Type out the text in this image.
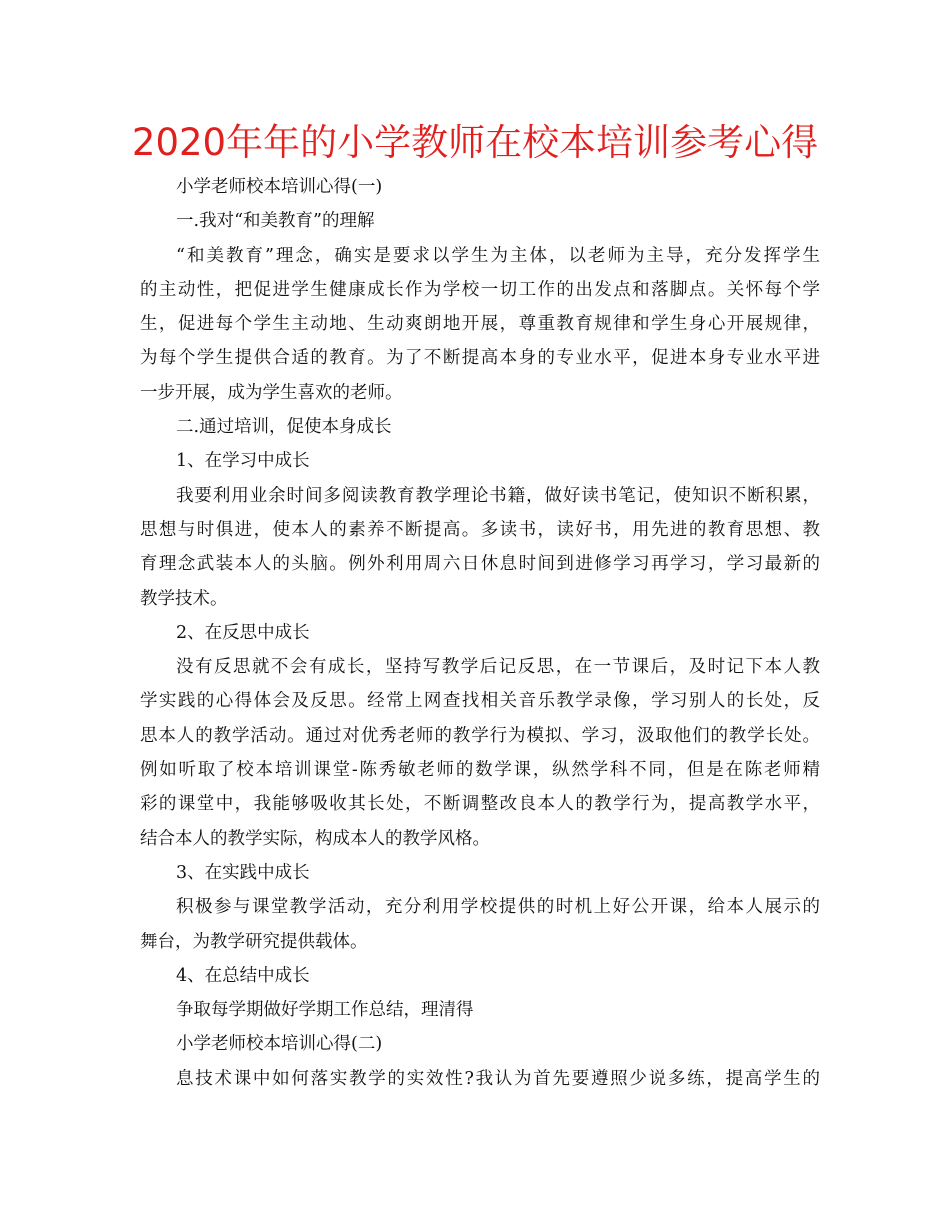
2020年年的小学教师在校本培训参考心得
小学老师校本培训心得(一)
一.我对“和美教育”的理解
“和美教育”理念，确实是要求以学生为主体，以老师为主导，充分发挥学生
的主动性，把促进学生健康成长作为学校一切工作的出发点和落脚点。关怀每个学
生，促进每个学生主动地、生动爽朗地开展，尊重教育规律和学生身心开展规律，
为每个学生提供合适的教育。为了不断提高本身的专业水平，促进本身专业水平进
一步开展，成为学生喜欢的老师。
二.通过培训，促使本身成长
1、在学习中成长
我要利用业余时间多阅读教育教学理论书籍，做好读书笔记，使知识不断积累，
思想与时俱进，使本人的素养不断提高。多读书，读好书，用先进的教育思想、教
育理念武装本人的头脑。例外利用周六日休息时间到进修学习再学习，学习最新的
教学技术。
2、在反思中成长
没有反思就不会有成长，坚持写教学后记反思，在一节课后，及时记下本人教
学实践的心得体会及反思。经常上网查找相关音乐教学录像，学习别人的长处，反
思本人的教学活动。通过对优秀老师的教学行为模拟、学习，汲取他们的教学长处。
例如听取了校本培训课堂-陈秀敏老师的数学课，纵然学科不同，但是在陈老师精
彩的课堂中，我能够吸收其长处，不断调整改良本人的教学行为，提高教学水平，
结合本人的教学实际，构成本人的教学风格。
3、在实践中成长
积极参与课堂教学活动，充分利用学校提供的时机上好公开课，给本人展示的
舞台，为教学研究提供载体。
4、在总结中成长
争取每学期做好学期工作总结，理清得
小学老师校本培训心得(二)
息技术课中如何落实教学的实效性?我认为首先要遵照少说多练，提高学生的
